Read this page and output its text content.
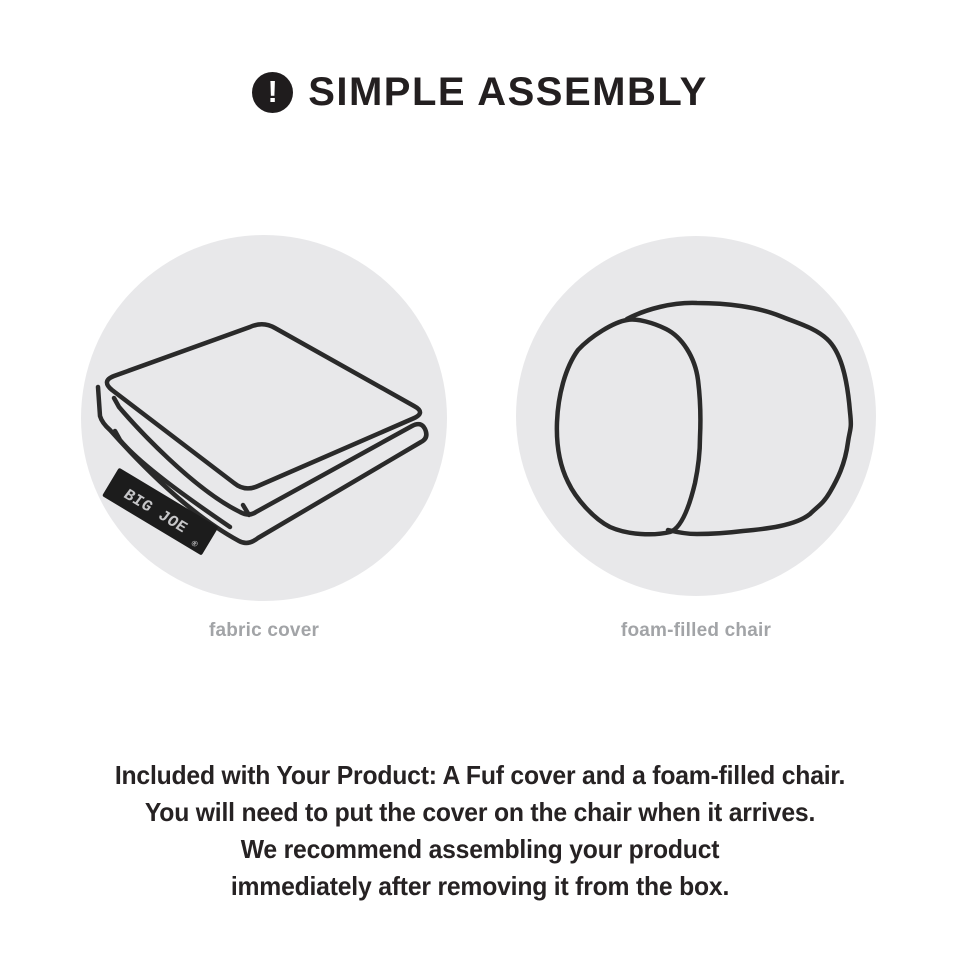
! SIMPLE ASSEMBLY
BIG JOE
®
fabric cover	foam-filled chair
Included with Your Product: A Fuf cover and a foam-filled chair.
You will need to put the cover on the chair when it arrives.
We recommend assembling your product
immediately after removing it from the box.
